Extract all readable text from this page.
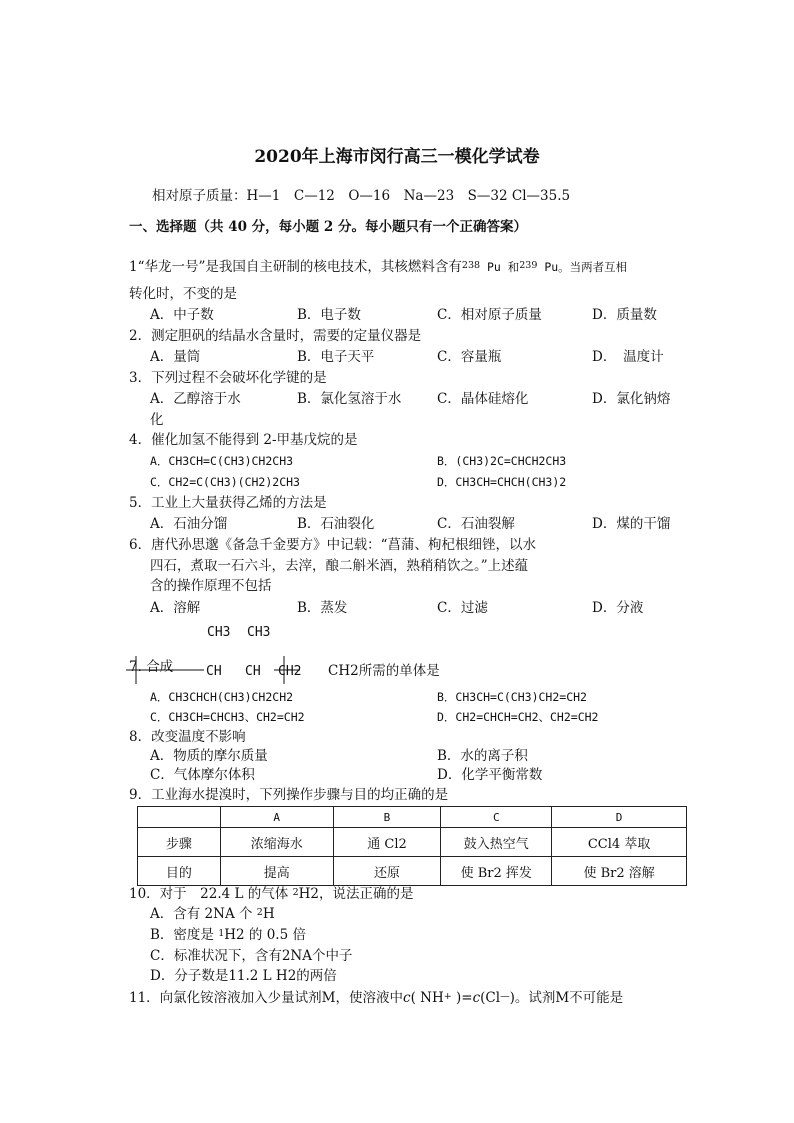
2020年上海市闵行高三一模化学试卷
相对原子质量：H—1　C—12　O—16　Na—23　S—32 Cl—35.5
一、选择题（共 40 分，每小题 2 分。每小题只有一个正确答案）
1“华龙一号”是我国自主研制的核电技术，其核燃料含有$^{238}$ Pu 和$^{239}$ Pu。当两者互相
转化时，不变的是
A．中子数	B．电子数	C．相对原子质量	D．质量数
2．测定胆矾的结晶水含量时，需要的定量仪器是
A．量筒	B．电子天平	C．容量瓶	D．　温度计
3．下列过程不会破坏化学键的是
A．乙醇溶于水	B．氯化氢溶于水	C．晶体硅熔化	D．氯化钠熔
化
4．催化加氢不能得到 2-甲基戊烷的是
A．CH3CH=C(CH3)CH2CH3	B．(CH3)2C=CHCH2CH3
C．CH2=C(CH3)(CH2)2CH3	D．CH3CH=CHCH(CH3)2
5．工业上大量获得乙烯的方法是
A．石油分馏	B．石油裂化	C．石油裂解	D．煤的干馏
6．唐代孙思邈《备急千金要方》中记载：“菖蒲、枸杞根细锉，以水
四石，煮取一石六斗，去滓，酿二斛米酒，熟稍稍饮之。”上述蕴
含的操作原理不包括
A．溶解	B．蒸发	C．过滤	D．分液
CH3 CH3
7. 合成	CH CH CH2 CH2所需的单体是
A．CH3CHCH(CH3)CH2CH2	B．CH3CH=C(CH3)CH2=CH2
C．CH3CH=CHCH3、CH2=CH2	D．CH2=CHCH=CH2、CH2=CH2
8．改变温度不影响
A．物质的摩尔质量	B．水的离子积
C．气体摩尔体积	D．化学平衡常数
9．工业海水提溴时，下列操作步骤与目的均正确的是
	A	B	C	D
步骤	浓缩海水	通 Cl2	鼓入热空气	CCl4 萃取
目的	提高	还原	使 Br2 挥发	使 Br2 溶解
10．对于　22.4 L 的气体 $^2$H2，说法正确的是
A．含有 2NA 个 $^2$H
B．密度是 $^1$H2 的 0.5 倍
C．标准状况下，含有2NA个中子
D．分子数是11.2 L H2的两倍
11．向氯化铵溶液加入少量试剂M，使溶液中c( NH+ )=c(Cl—)。试剂M不可能是
